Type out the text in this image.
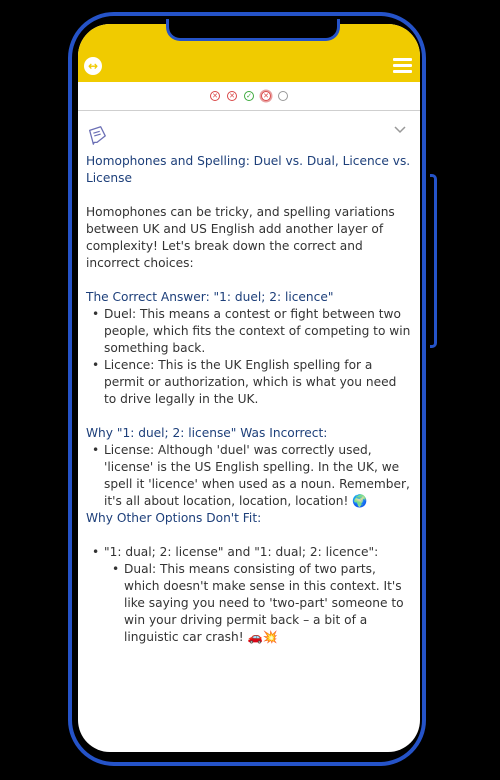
↔
✕ ✕ ✓ ✕

Homophones and Spelling: Duel vs. Dual, Licence vs. License

Homophones can be tricky, and spelling variations between UK and US English add another layer of complexity! Let's break down the correct and incorrect choices:

The Correct Answer: "1: duel; 2: licence"

• Duel: This means a contest or fight between two people, which fits the context of competing to win something back.
• Licence: This is the UK English spelling for a permit or authorization, which is what you need to drive legally in the UK.

Why "1: duel; 2: license" Was Incorrect:

• License: Although 'duel' was correctly used, 'license' is the US English spelling. In the UK, we spell it 'licence' when used as a noun. Remember, it's all about location, location, location! 🌍

Why Other Options Don't Fit:

• "1: dual; 2: license" and "1: dual; 2: licence":
• Dual: This means consisting of two parts, which doesn't make sense in this context. It's like saying you need to 'two-part' someone to win your driving permit back – a bit of a linguistic car crash! 🚗💥
